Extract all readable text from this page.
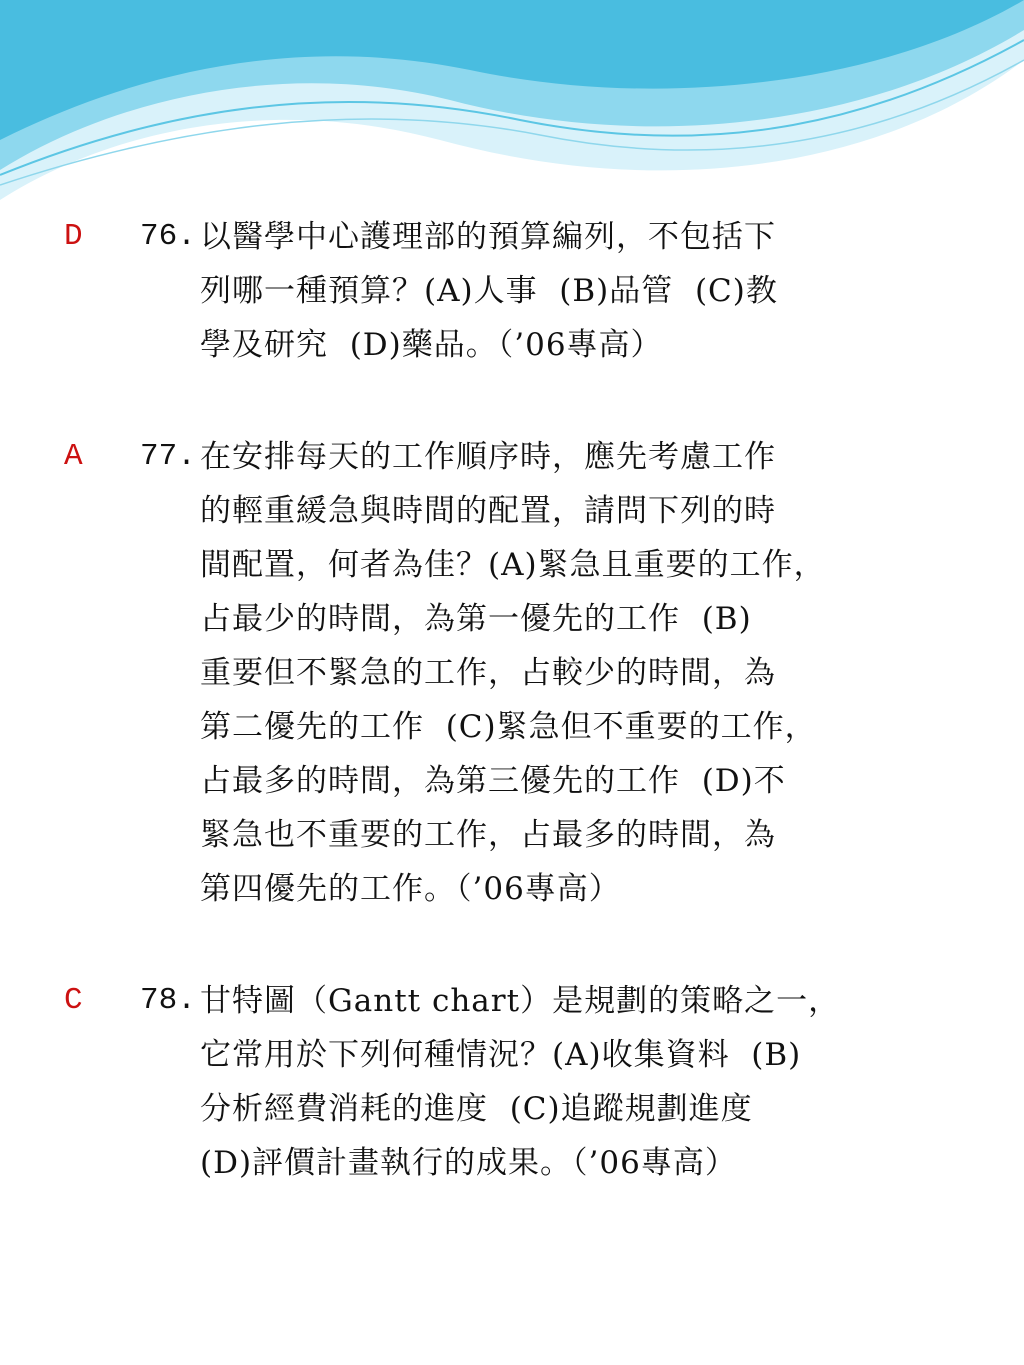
D 76. 以醫學中心護理部的預算編列，不包括下
列哪一種預算？(A)人事  (B)品管  (C)教
學及研究  (D)藥品。（’06專高）
A 77. 在安排每天的工作順序時，應先考慮工作
的輕重緩急與時間的配置，請問下列的時
間配置，何者為佳？(A)緊急且重要的工作，
占最少的時間，為第一優先的工作  (B)
重要但不緊急的工作，占較少的時間，為
第二優先的工作  (C)緊急但不重要的工作，
占最多的時間，為第三優先的工作  (D)不
緊急也不重要的工作，占最多的時間，為
第四優先的工作。（’06專高）
C 78. 甘特圖（Gantt chart）是規劃的策略之一，
它常用於下列何種情況？(A)收集資料  (B)
分析經費消耗的進度  (C)追蹤規劃進度
(D)評價計畫執行的成果。（’06專高）
